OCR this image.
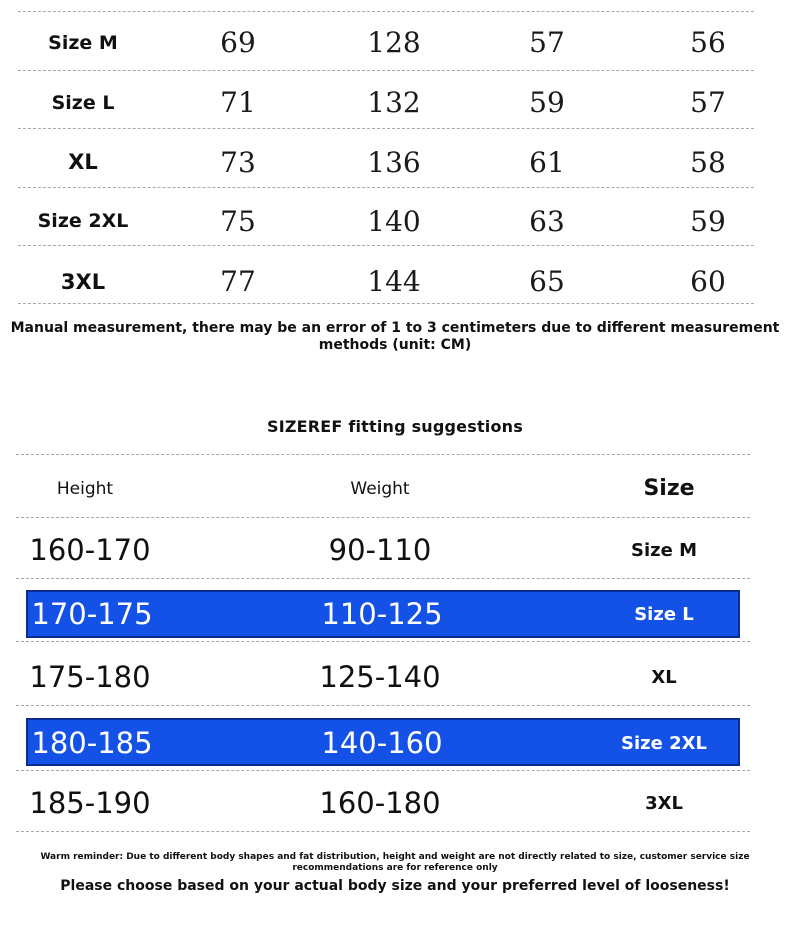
Size M	69	128	57	56
Size L	71	132	59	57
XL	73	136	61	58
Size 2XL	75	140	63	59
3XL	77	144	65	60
Manual measurement, there may be an error of 1 to 3 centimeters due to different measurement methods (unit: CM)
SIZEREF fitting suggestions
Height	Weight	Size
160-170	90-110	Size M
170-175	110-125	Size L
175-180	125-140	XL
180-185	140-160	Size 2XL
185-190	160-180	3XL
Warm reminder: Due to different body shapes and fat distribution, height and weight are not directly related to size, customer service size recommendations are for reference only
Please choose based on your actual body size and your preferred level of looseness!
